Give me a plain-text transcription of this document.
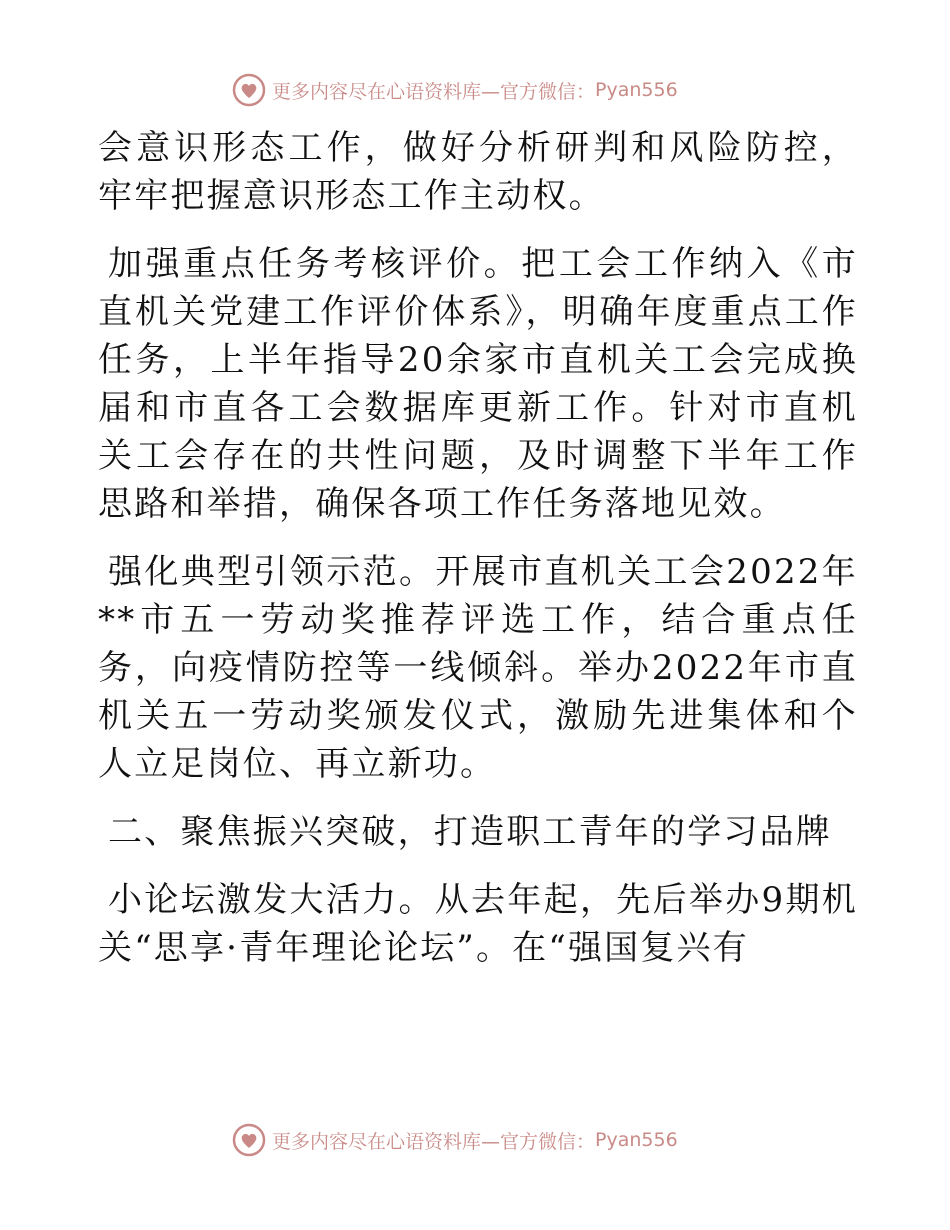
更多内容尽在心语资料库—官方微信： Pyan556

会意识形态工作，做好分析研判和风险防控，牢牢把握意识形态工作主动权。

加强重点任务考核评价。把工会工作纳入《市直机关党建工作评价体系》，明确年度重点工作任务，上半年指导20余家市直机关工会完成换届和市直各工会数据库更新工作。针对市直机关工会存在的共性问题，及时调整下半年工作思路和举措，确保各项工作任务落地见效。

强化典型引领示范。开展市直机关工会2022年**市五一劳动奖推荐评选工作，结合重点任务，向疫情防控等一线倾斜。举办2022年市直机关五一劳动奖颁发仪式，激励先进集体和个人立足岗位、再立新功。

二、聚焦振兴突破，打造职工青年的学习品牌

小论坛激发大活力。从去年起，先后举办9期机关“思享·青年理论论坛”。在“强国复兴有

更多内容尽在心语资料库—官方微信： Pyan556
